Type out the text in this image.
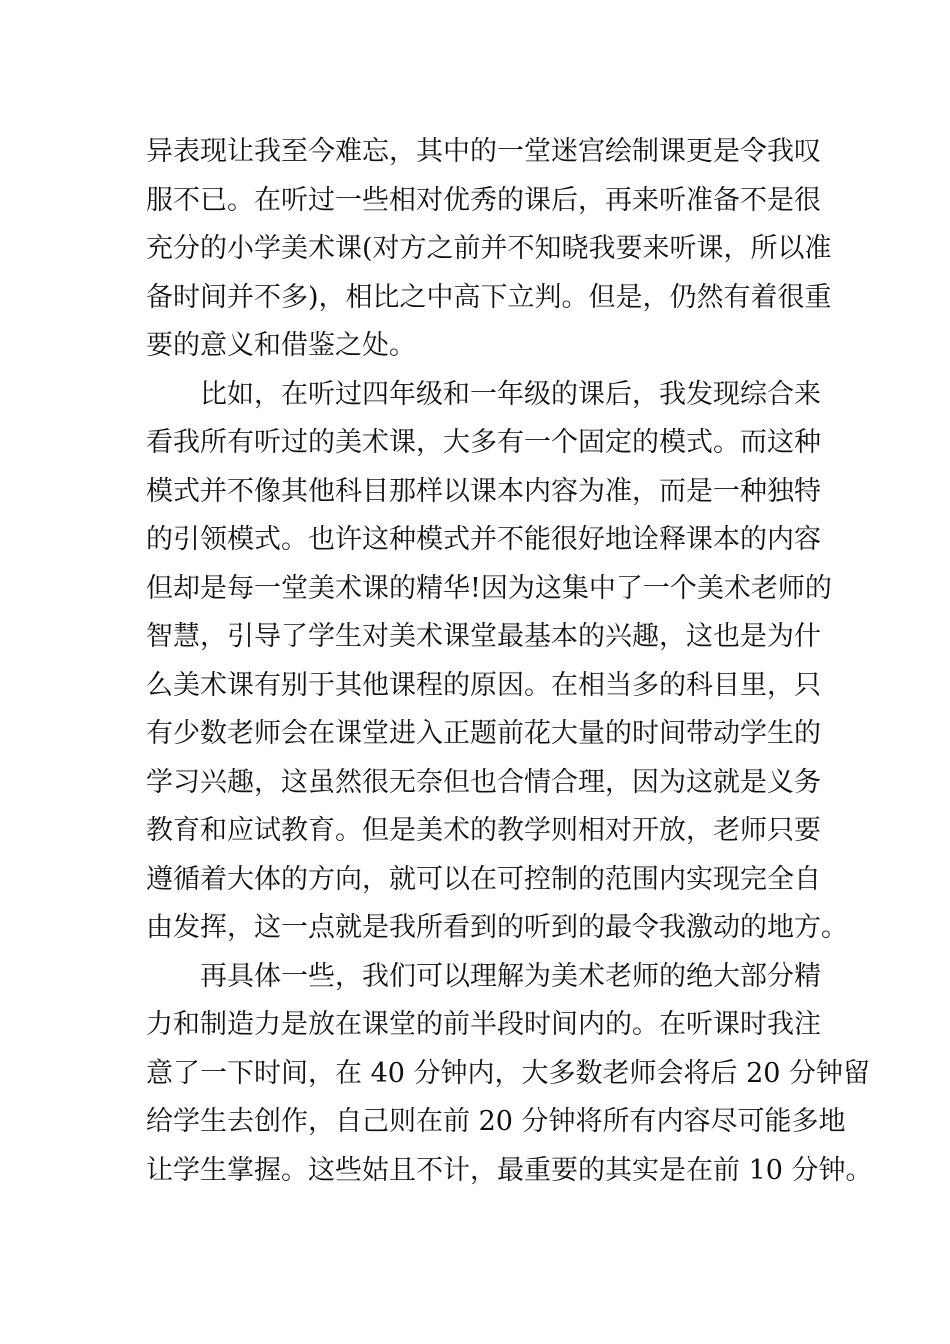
异表现让我至今难忘，其中的一堂迷宫绘制课更是令我叹
服不已。在听过一些相对优秀的课后，再来听准备不是很
充分的小学美术课(对方之前并不知晓我要来听课，所以准
备时间并不多)，相比之中高下立判。但是，仍然有着很重
要的意义和借鉴之处。
比如，在听过四年级和一年级的课后，我发现综合来
看我所有听过的美术课，大多有一个固定的模式。而这种
模式并不像其他科目那样以课本内容为准，而是一种独特
的引领模式。也许这种模式并不能很好地诠释课本的内容
但却是每一堂美术课的精华!因为这集中了一个美术老师的
智慧，引导了学生对美术课堂最基本的兴趣，这也是为什
么美术课有别于其他课程的原因。在相当多的科目里，只
有少数老师会在课堂进入正题前花大量的时间带动学生的
学习兴趣，这虽然很无奈但也合情合理，因为这就是义务
教育和应试教育。但是美术的教学则相对开放，老师只要
遵循着大体的方向，就可以在可控制的范围内实现完全自
由发挥，这一点就是我所看到的听到的最令我激动的地方。
再具体一些，我们可以理解为美术老师的绝大部分精
力和制造力是放在课堂的前半段时间内的。在听课时我注
意了一下时间，在 40 分钟内，大多数老师会将后 20 分钟留
给学生去创作，自己则在前 20 分钟将所有内容尽可能多地
让学生掌握。这些姑且不计，最重要的其实是在前 10 分钟。
